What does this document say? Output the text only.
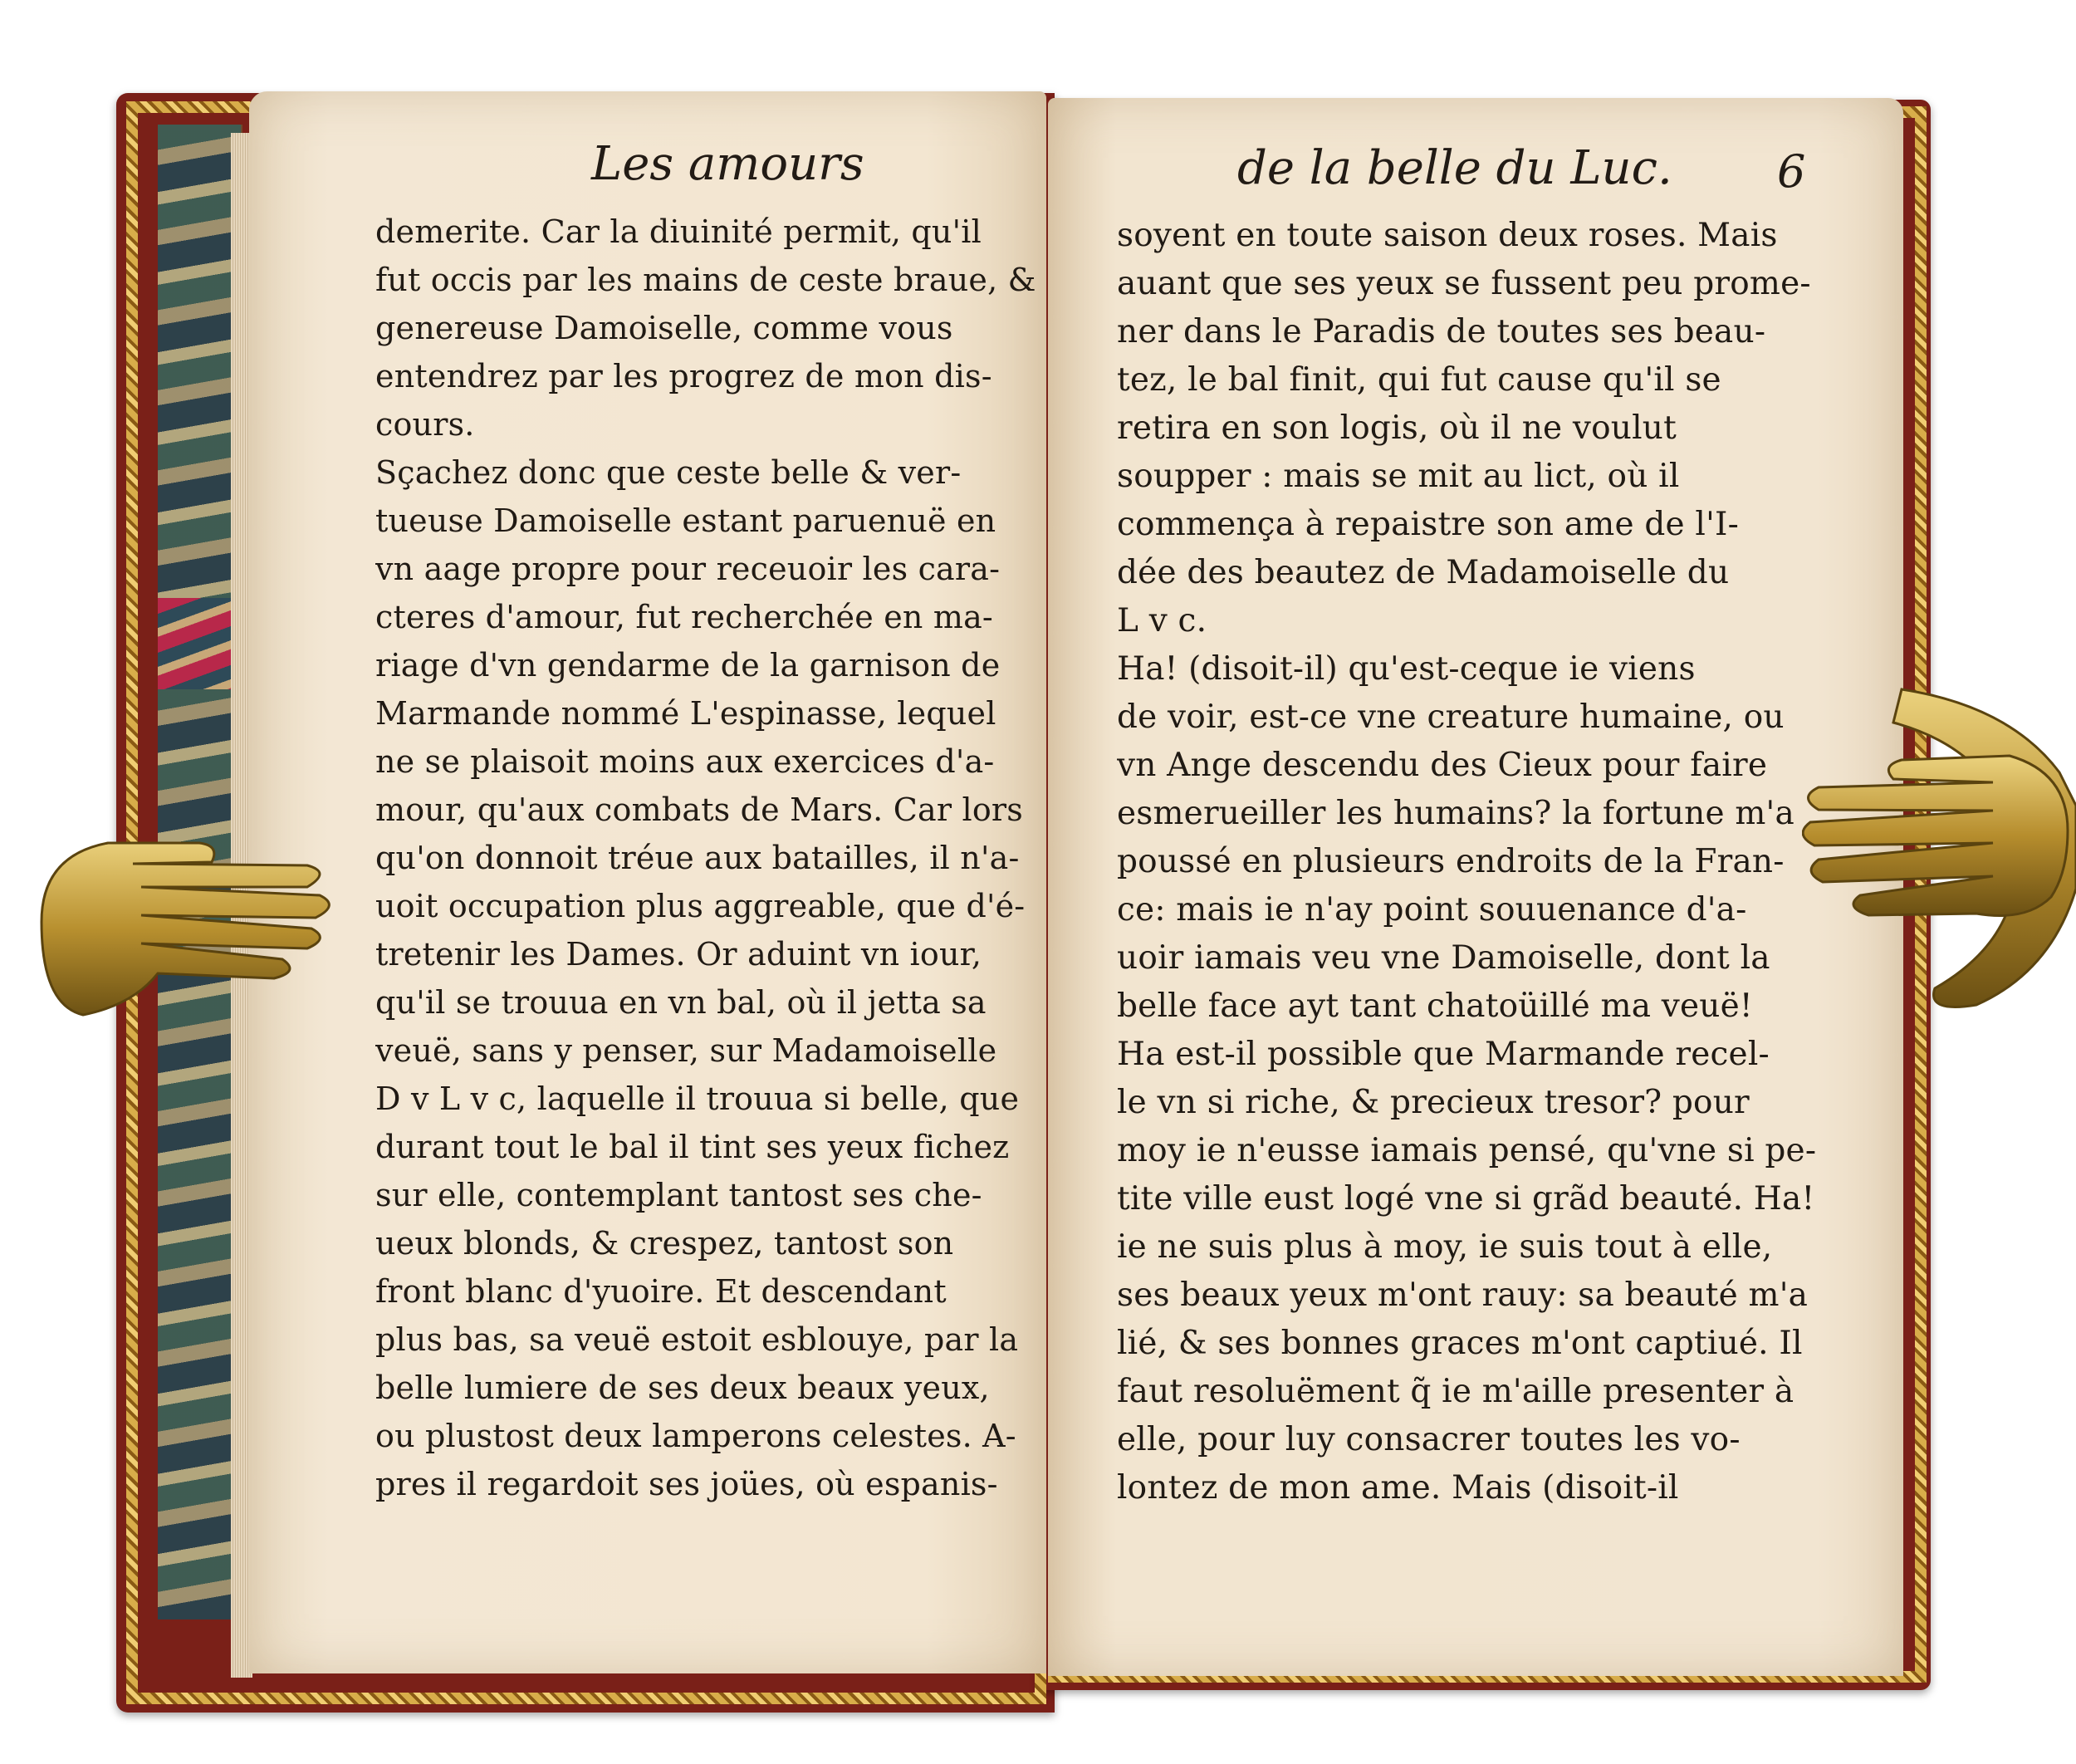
Les amours	de la belle du Luc. 6
demerite. Car la diuinité permit, qu'il
fut occis par les mains de ceste braue, &
genereuse Damoiselle, comme vous
entendrez par les progrez de mon dis-
cours.
Sçachez donc que ceste belle & ver-
tueuse Damoiselle estant paruenuë en
vn aage propre pour receuoir les cara-
cteres d'amour, fut recherchée en ma-
riage d'vn gendarme de la garnison de
Marmande nommé L'espinasse, lequel
ne se plaisoit moins aux exercices d'a-
mour, qu'aux combats de Mars. Car lors
qu'on donnoit tréue aux batailles, il n'a-
uoit occupation plus aggreable, que d'é-
tretenir les Dames. Or aduint vn iour,
qu'il se trouua en vn bal, où il jetta sa
veuë, sans y penser, sur Madamoiselle
D v L v c, laquelle il trouua si belle, que
durant tout le bal il tint ses yeux fichez
sur elle, contemplant tantost ses che-
ueux blonds, & crespez, tantost son
front blanc d'yuoire. Et descendant
plus bas, sa veuë estoit esblouye, par la
belle lumiere de ses deux beaux yeux,
ou plustost deux lamperons celestes. A-
pres il regardoit ses joües, où espanis-
soyent en toute saison deux roses. Mais
auant que ses yeux se fussent peu prome-
ner dans le Paradis de toutes ses beau-
tez, le bal finit, qui fut cause qu'il se
retira en son logis, où il ne voulut
soupper : mais se mit au lict, où il
commença à repaistre son ame de l'I-
dée des beautez de Madamoiselle du
L v c.
Ha! (disoit-il) qu'est-ceque ie viens
de voir, est-ce vne creature humaine, ou
vn Ange descendu des Cieux pour faire
esmerueiller les humains? la fortune m'a
poussé en plusieurs endroits de la Fran-
ce: mais ie n'ay point souuenance d'a-
uoir iamais veu vne Damoiselle, dont la
belle face ayt tant chatoüillé ma veuë!
Ha est-il possible que Marmande recel-
le vn si riche, & precieux tresor? pour
moy ie n'eusse iamais pensé, qu'vne si pe-
tite ville eust logé vne si grãd beauté. Ha!
ie ne suis plus à moy, ie suis tout à elle,
ses beaux yeux m'ont rauy: sa beauté m'a
lié, & ses bonnes graces m'ont captiué. Il
faut resoluëment q̃ ie m'aille presenter à
elle, pour luy consacrer toutes les vo-
lontez de mon ame. Mais (disoit-il
